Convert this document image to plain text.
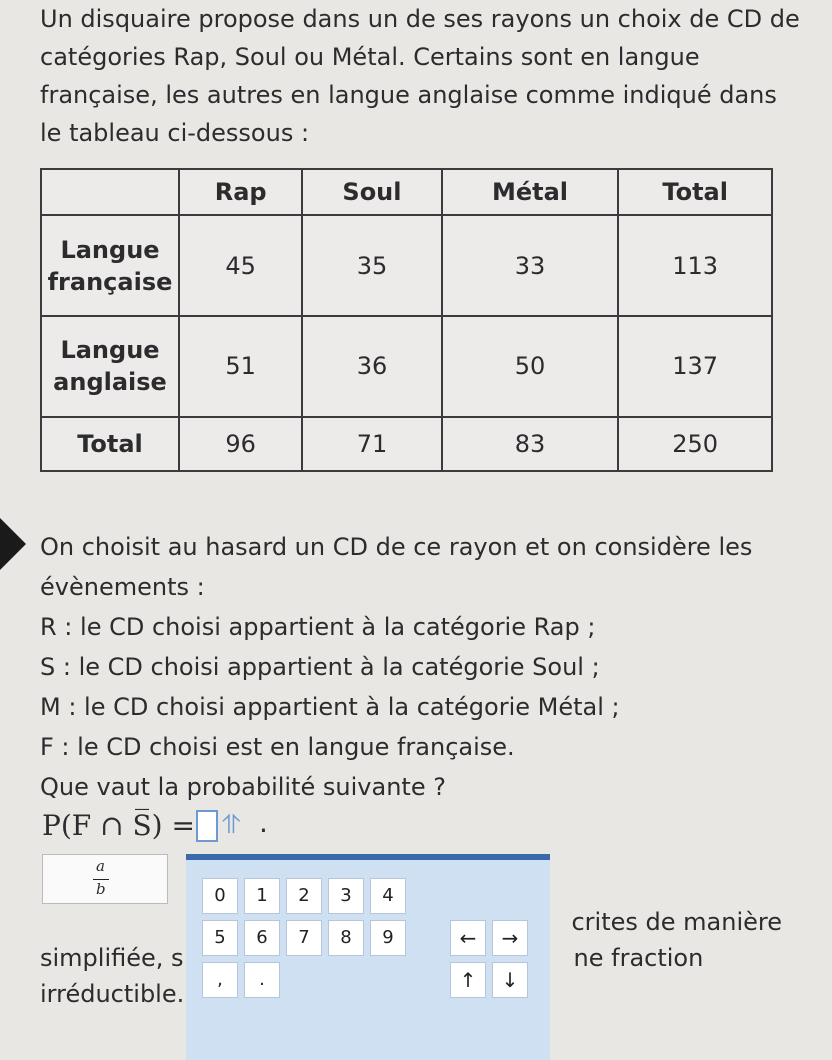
Un disquaire propose dans un de ses rayons un choix de CD de catégories Rap, Soul ou Métal. Certains sont en langue française, les autres en langue anglaise comme indiqué dans le tableau ci-dessous :
	Rap	Soul	Métal	Total
Langue française	45	35	33	113
Langue anglaise	51	36	50	137
Total	96	71	83	250
On choisit au hasard un CD de ce rayon et on considère les évènements :
R : le CD choisi appartient à la catégorie Rap ;
S : le CD choisi appartient à la catégorie Soul ;
M : le CD choisi appartient à la catégorie Métal ;
F : le CD choisi est en langue française.
Que vaut la probabilité suivante ?
P(F ∩ S̅) = ⥣ .
a
b
crites de manière
simplifiée, s	ne fraction
irréductible.
0	1	2	3	4
5	6	7	8	9	←	→
,	.	↑	↓
